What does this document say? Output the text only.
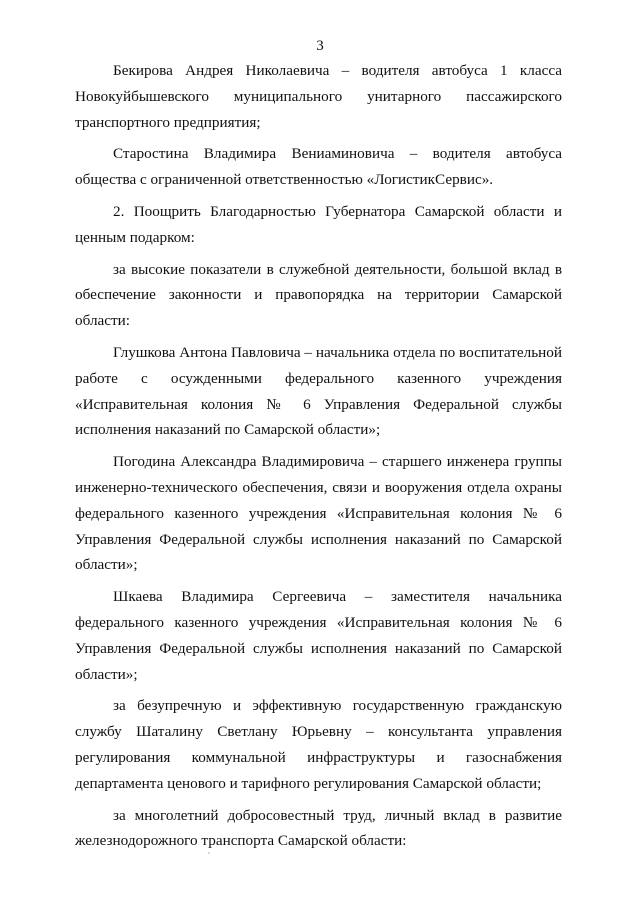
3

Бекирова Андрея Николаевича – водителя автобуса 1 класса Новокуйбышевского муниципального унитарного пассажирского транспортного предприятия;

Старостина Владимира Вениаминовича – водителя автобуса общества с ограниченной ответственностью «ЛогистикСервис».

2. Поощрить Благодарностью Губернатора Самарской области и ценным подарком:

за высокие показатели в служебной деятельности, большой вклад в обеспечение законности и правопорядка на территории Самарской области:

Глушкова Антона Павловича – начальника отдела по воспитательной работе с осужденными федерального казенного учреждения «Исправительная колония № 6 Управления Федеральной службы исполнения наказаний по Самарской области»;

Погодина Александра Владимировича – старшего инженера группы инженерно-технического обеспечения, связи и вооружения отдела охраны федерального казенного учреждения «Исправительная колония № 6 Управления Федеральной службы исполнения наказаний по Самарской области»;

Шкаева Владимира Сергеевича – заместителя начальника федерального казенного учреждения «Исправительная колония № 6 Управления Федеральной службы исполнения наказаний по Самарской области»;

за безупречную и эффективную государственную гражданскую службу Шаталину Светлану Юрьевну – консультанта управления регулирования коммунальной инфраструктуры и газоснабжения департамента ценового и тарифного регулирования Самарской области;

за многолетний добросовестный труд, личный вклад в развитие железнодорожного транспорта Самарской области:
